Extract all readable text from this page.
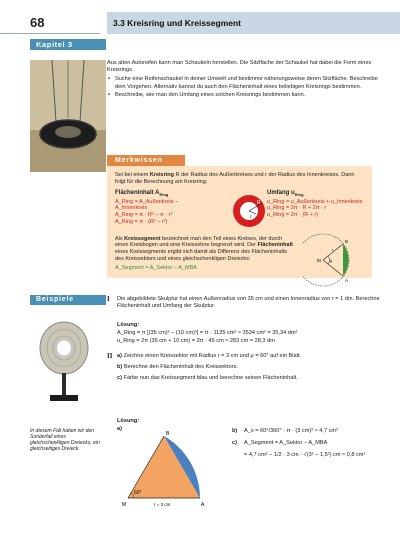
68	3.3 Kreisring und Kreissegment
Kapitel 3

Aus alten Autoreifen kann man Schaukeln herstellen. Die Sitzfläche der Schaukel hat dabei die Form eines Kreisrings.

• Suche eine Reifenschaukel in deiner Umwelt und bestimme näherungsweise deren Sitzfläche. Beschreibe dein Vorgehen. Alternativ kannst du auch den Flächeninhalt eines beliebigen Kreisrings bestimmen.
• Beschreibe, wie man den Umfang eines solchen Kreisrings bestimmen kann.
Merkwissen
Sei bei einem Kreisring R der Radius des Außenkreises und r der Radius des Innenkreises. Dann folgt für die Berechnung am Kreisring:
Flächeninhalt $A_{Ring}$
A_Ring = A_Außenkreis − A_Innenkreis
A_Ring = π · R² − π · r²
A_Ring = π · (R² − r²)
R
r
Umfang $u_{Ring}$
u_Ring = u_Außenkreis + u_Innenkreis
u_Ring = 2π · R + 2π · r
u_Ring = 2π · (R + r)
Als Kreissegment bezeichnet man den Teil eines Kreises, der durch einen Kreisbogen und eine Kreissehne begrenzt wird. Der Flächeninhalt eines Kreissegments ergibt sich damit als Differenz des Flächeninhalts des Kreissektors und eines gleichschenkligen Dreiecks:
A_Segment = A_Sektor − A_MBA
M μ
B
A
r
Beispiele	I Die abgebildete Skulptur hat einen Außenradius von 35 cm und einen Innenradius von r = 1 dm. Berechne Flächeninhalt und Umfang der Skulptur.
Lösung:
A_Ring = π [(35 cm)² − (10 cm)²] = π · 1125 cm² ≈ 3534 cm² = 35,34 dm²
u_Ring = 2π (35 cm + 10 cm) = 2π · 45 cm ≈ 283 cm = 28,3 dm
II a) Zeichne einen Kreissektor mit Radius r = 3 cm und μ = 60° auf ein Blatt.
b) Berechne den Flächeninhalt des Kreissektors.
c) Färbe nun das Kreissegment blau und berechne seinen Flächeninhalt.
Lösung:
a)
In diesem Fall haben wir den Sonderfall eines gleichschenkligen Dreiecks, ein gleichseitiges Dreieck.
60°
B
M	A
r = 3 cm
b) A_s = 60°/360° · π · (3 cm)² ≈ 4,7 cm²
c) A_Segment = A_Sektor − A_MBA
= 4,7 cm² − 1/2 · 3 cm · √(3² − 1,5²) cm ≈ 0,8 cm²
